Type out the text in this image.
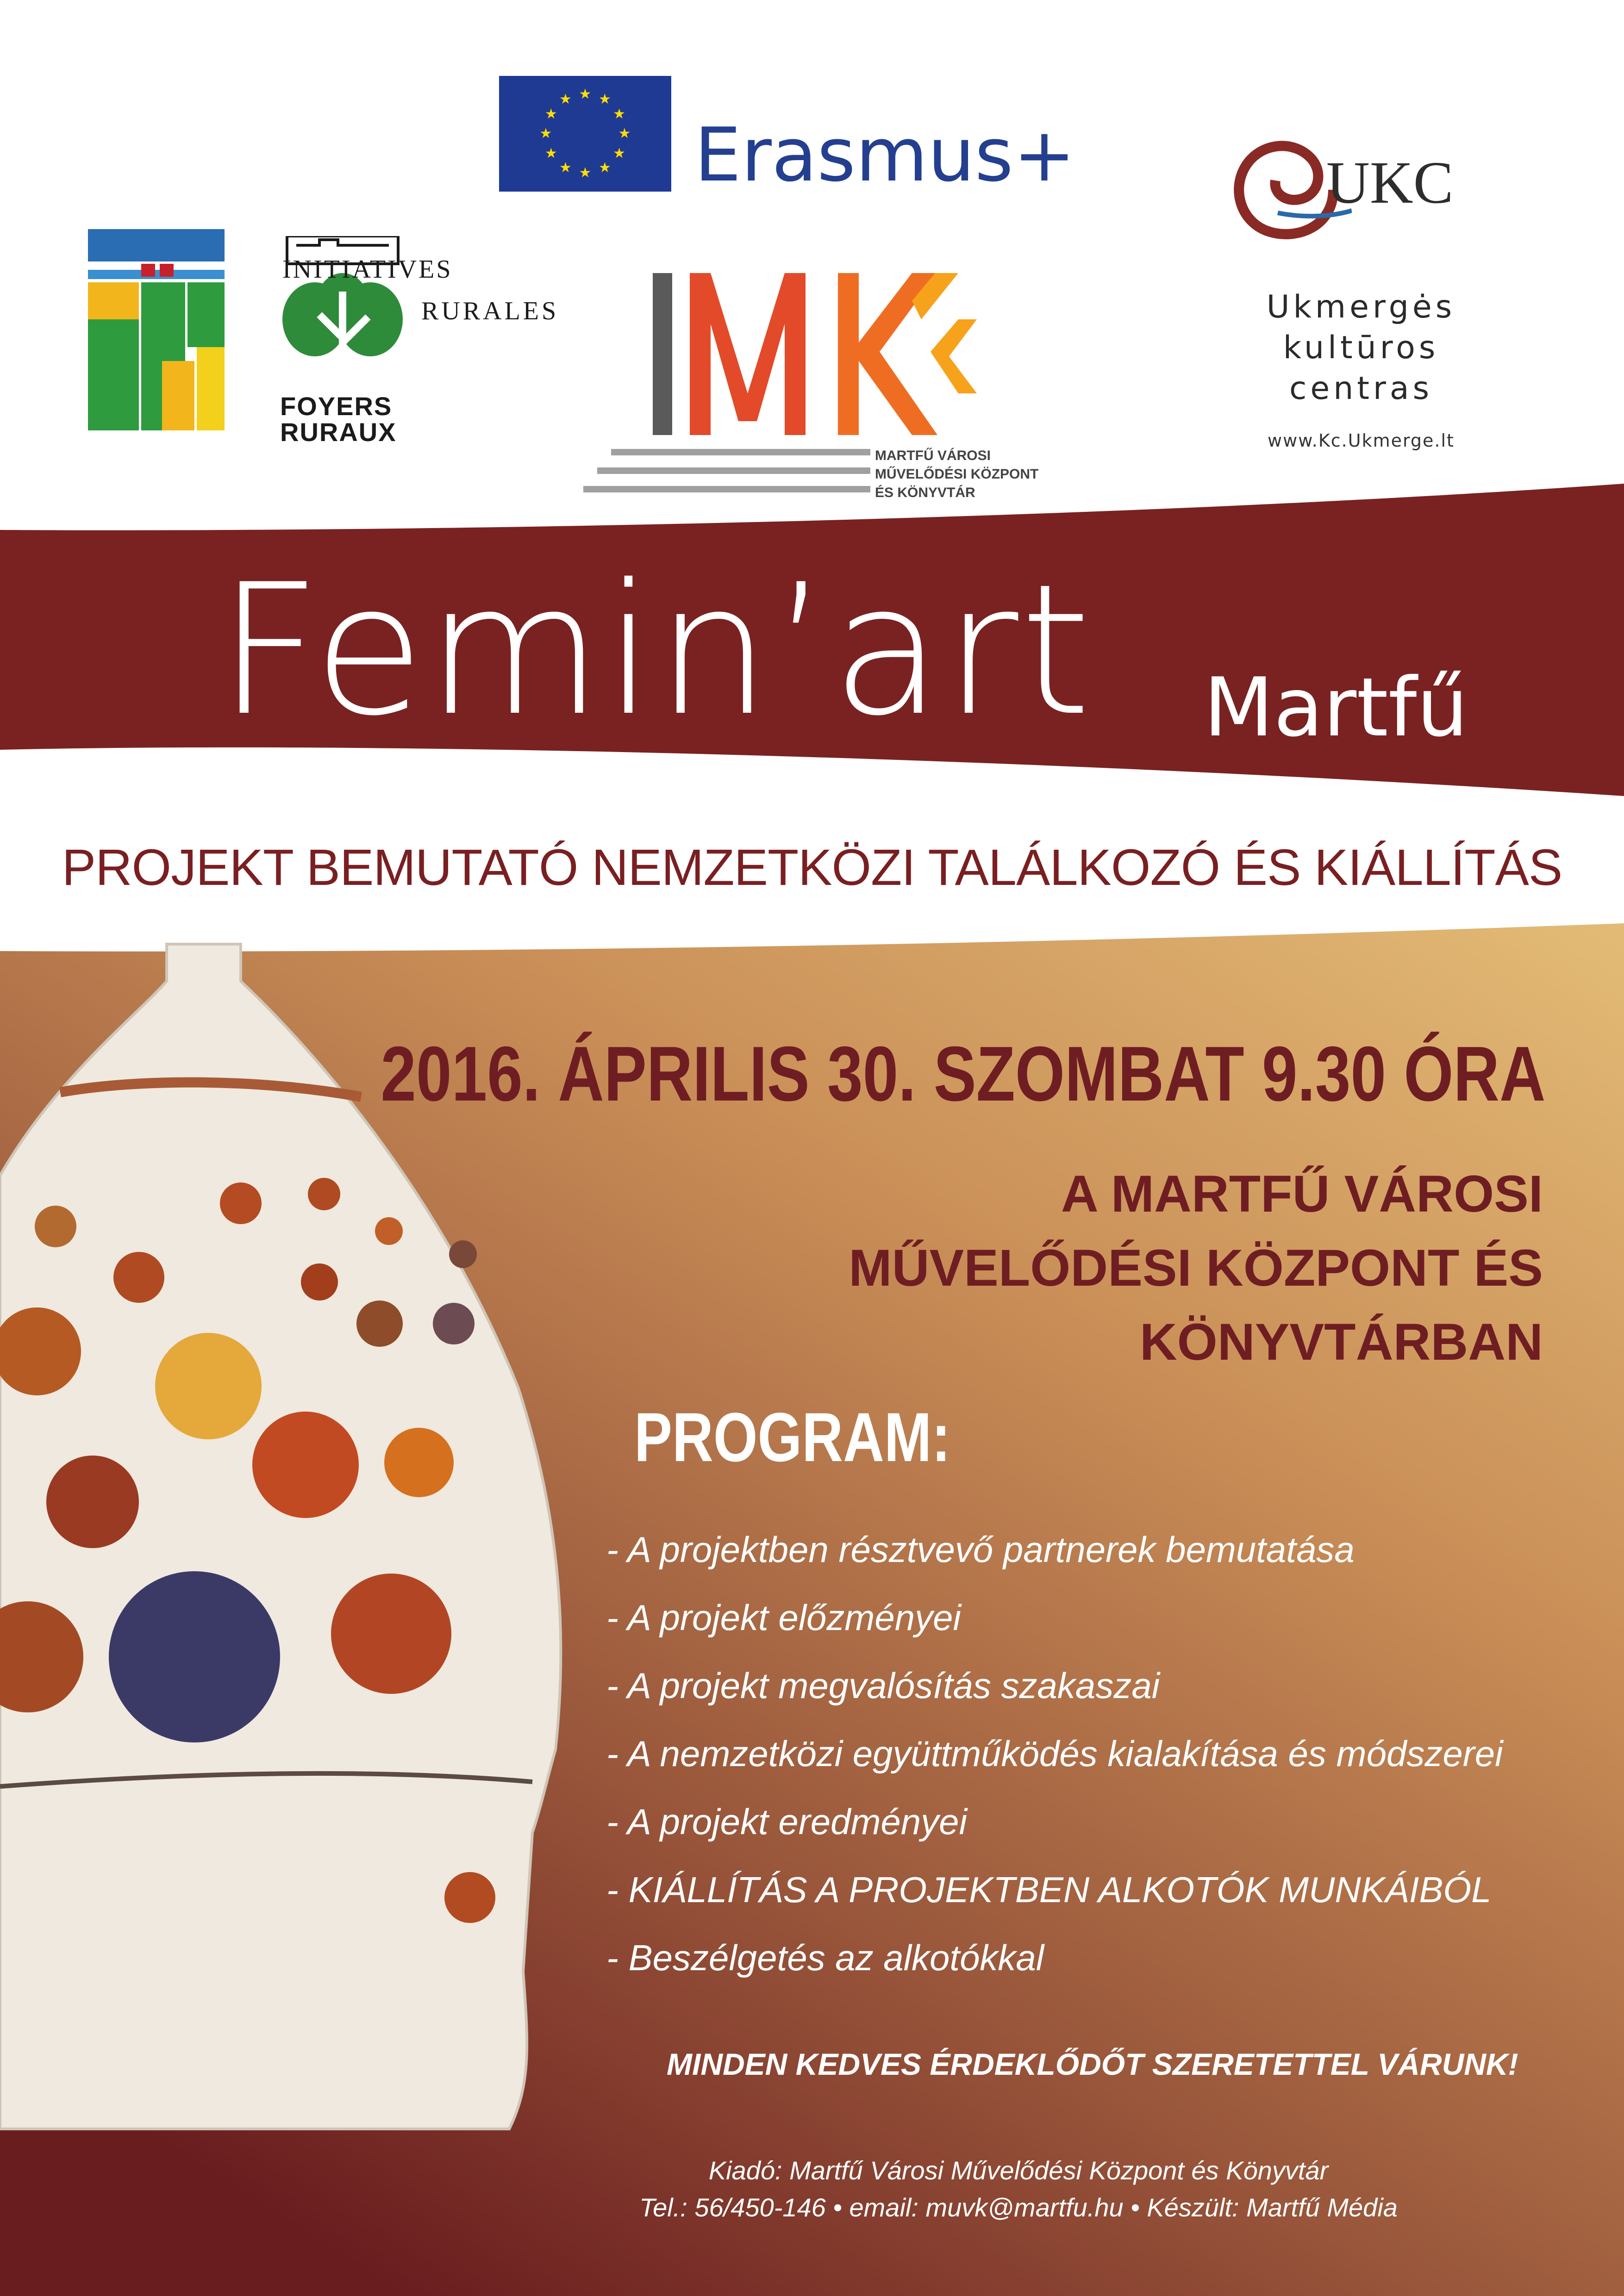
★ ★
★
★
★
★
★
★
★
★
★
★
Erasmus+
INITIATIVES
RURALES
FOYERS
RURAUX
MARTFŰ VÁROSI
MŰVELŐDÉSI KÖZPONT
ÉS KÖNYVTÁR
UKC
Ukmergės
kultūros
centras
www.Kc.Ukmerge.lt
Femin’art Martfű
PROJEKT BEMUTATÓ NEMZETKÖZI TALÁLKOZÓ ÉS KIÁLLÍTÁS
2016. ÁPRILIS 30. SZOMBAT 9.30 ÓRA
A MARTFŰ VÁROSI
MŰVELŐDÉSI KÖZPONT ÉS
KÖNYVTÁRBAN
PROGRAM:
- A projektben résztvevő partnerek bemutatása
- A projekt előzményei
- A projekt megvalósítás szakaszai
- A nemzetközi együttműködés kialakítása és módszerei
- A projekt eredményei
- KIÁLLÍTÁS A PROJEKTBEN ALKOTÓK MUNKÁIBÓL
- Beszélgetés az alkotókkal
MINDEN KEDVES ÉRDEKLŐDŐT SZERETETTEL VÁRUNK!
Kiadó: Martfű Városi Művelődési Központ és Könyvtár
Tel.: 56/450-146 • email: muvk@martfu.hu • Készült: Martfű Média
